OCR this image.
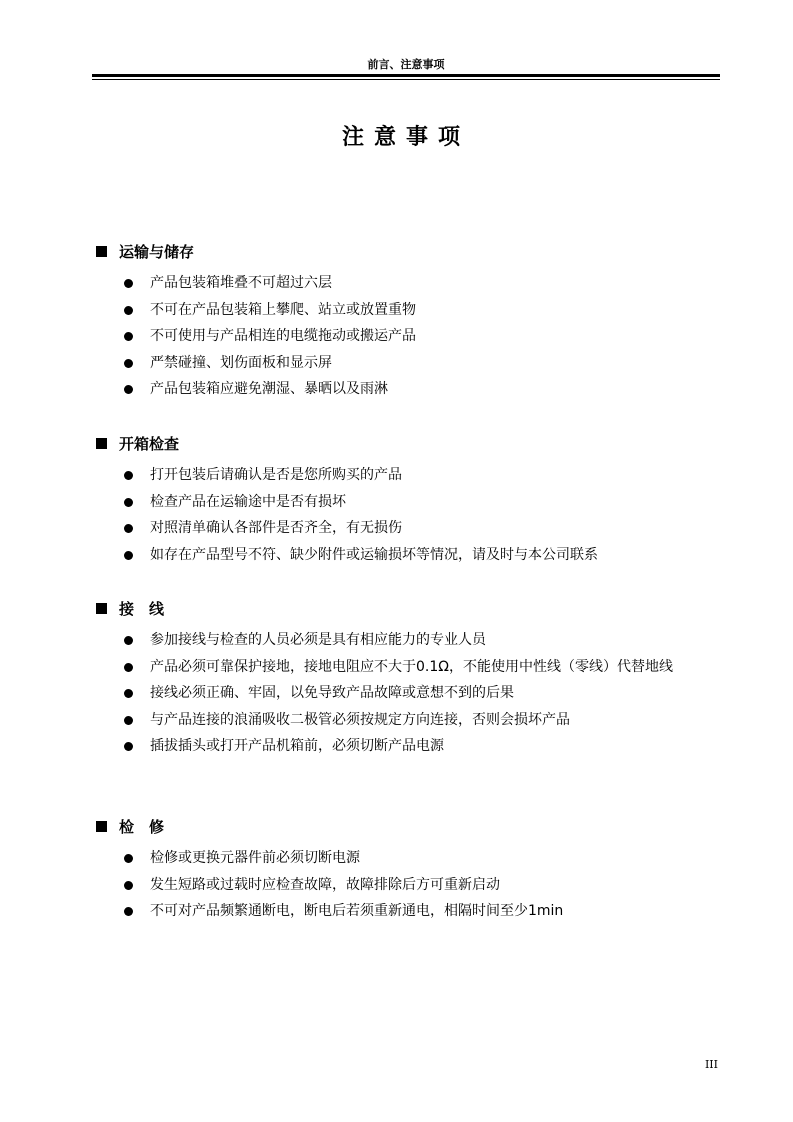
前言、注意事项
注意事项
运输与储存
产品包装箱堆叠不可超过六层
不可在产品包装箱上攀爬、站立或放置重物
不可使用与产品相连的电缆拖动或搬运产品
严禁碰撞、划伤面板和显示屏
产品包装箱应避免潮湿、暴晒以及雨淋
开箱检查
打开包装后请确认是否是您所购买的产品
检查产品在运输途中是否有损坏
对照清单确认各部件是否齐全，有无损伤
如存在产品型号不符、缺少附件或运输损坏等情况，请及时与本公司联系
接　线
参加接线与检查的人员必须是具有相应能力的专业人员
产品必须可靠保护接地，接地电阻应不大于0.1Ω，不能使用中性线（零线）代替地线
接线必须正确、牢固，以免导致产品故障或意想不到的后果
与产品连接的浪涌吸收二极管必须按规定方向连接，否则会损坏产品
插拔插头或打开产品机箱前，必须切断产品电源
检　修
检修或更换元器件前必须切断电源
发生短路或过载时应检查故障，故障排除后方可重新启动
不可对产品频繁通断电，断电后若须重新通电，相隔时间至少1min
III
